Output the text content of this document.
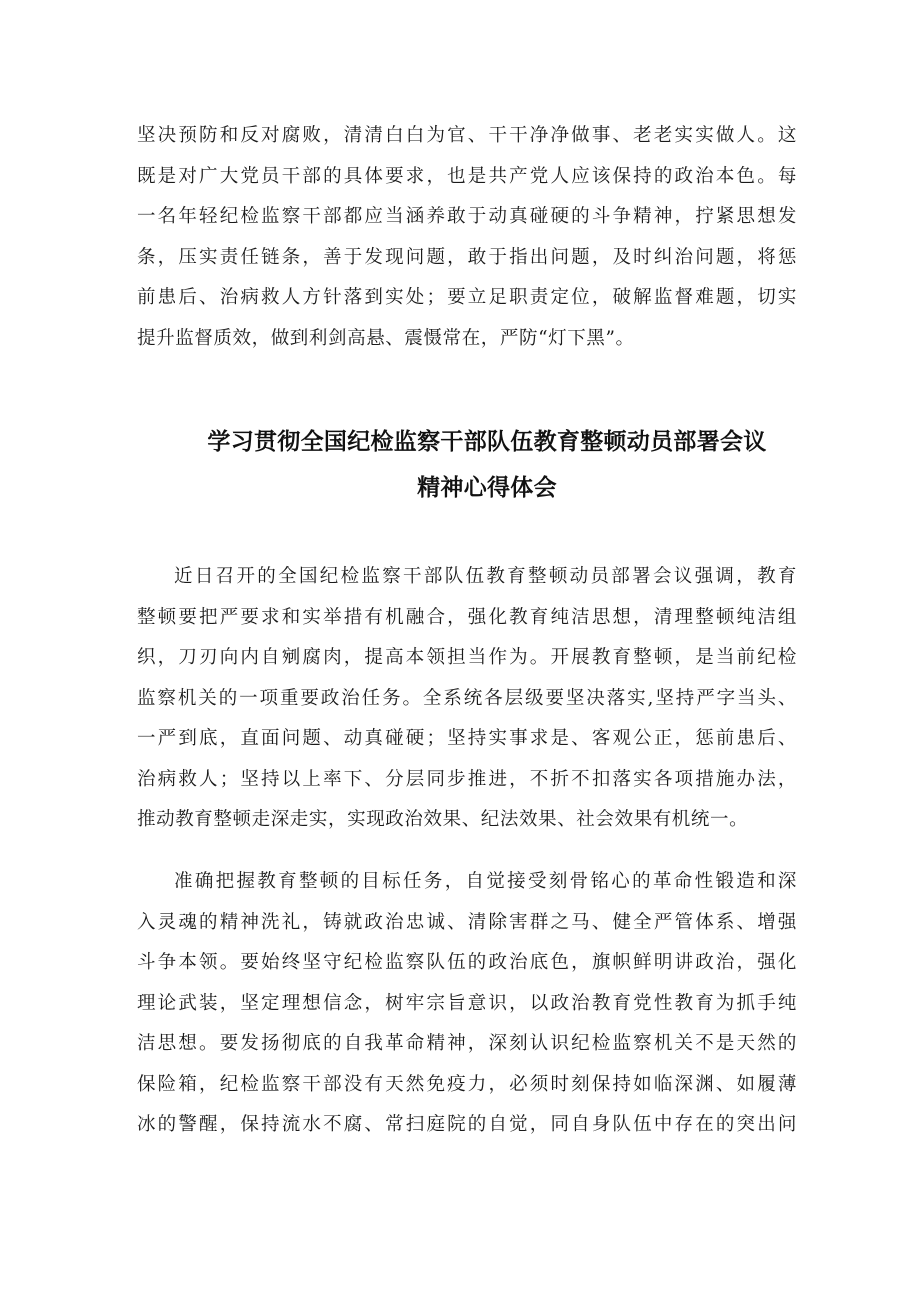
坚决预防和反对腐败，清清白白为官、干干净净做事、老老实实做人。这
既是对广大党员干部的具体要求，也是共产党人应该保持的政治本色。每
一名年轻纪检监察干部都应当涵养敢于动真碰硬的斗争精神，拧紧思想发
条，压实责任链条，善于发现问题，敢于指出问题，及时纠治问题，将惩
前患后、治病救人方针落到实处；要立足职责定位，破解监督难题，切实
提升监督质效，做到利剑高悬、震慑常在，严防“灯下黑”。
学习贯彻全国纪检监察干部队伍教育整顿动员部署会议
精神心得体会
近日召开的全国纪检监察干部队伍教育整顿动员部署会议强调，教育
整顿要把严要求和实举措有机融合，强化教育纯洁思想，清理整顿纯洁组
织，刀刃向内自剜腐肉，提高本领担当作为。开展教育整顿，是当前纪检
监察机关的一项重要政治任务。全系统各层级要坚决落实,坚持严字当头、
一严到底，直面问题、动真碰硬；坚持实事求是、客观公正，惩前患后、
治病救人；坚持以上率下、分层同步推进，不折不扣落实各项措施办法，
推动教育整顿走深走实，实现政治效果、纪法效果、社会效果有机统一。
准确把握教育整顿的目标任务，自觉接受刻骨铭心的革命性锻造和深
入灵魂的精神洗礼，铸就政治忠诚、清除害群之马、健全严管体系、增强
斗争本领。要始终坚守纪检监察队伍的政治底色，旗帜鲜明讲政治，强化
理论武装，坚定理想信念，树牢宗旨意识，以政治教育党性教育为抓手纯
洁思想。要发扬彻底的自我革命精神，深刻认识纪检监察机关不是天然的
保险箱，纪检监察干部没有天然免疫力，必须时刻保持如临深渊、如履薄
冰的警醒，保持流水不腐、常扫庭院的自觉，同自身队伍中存在的突出问
